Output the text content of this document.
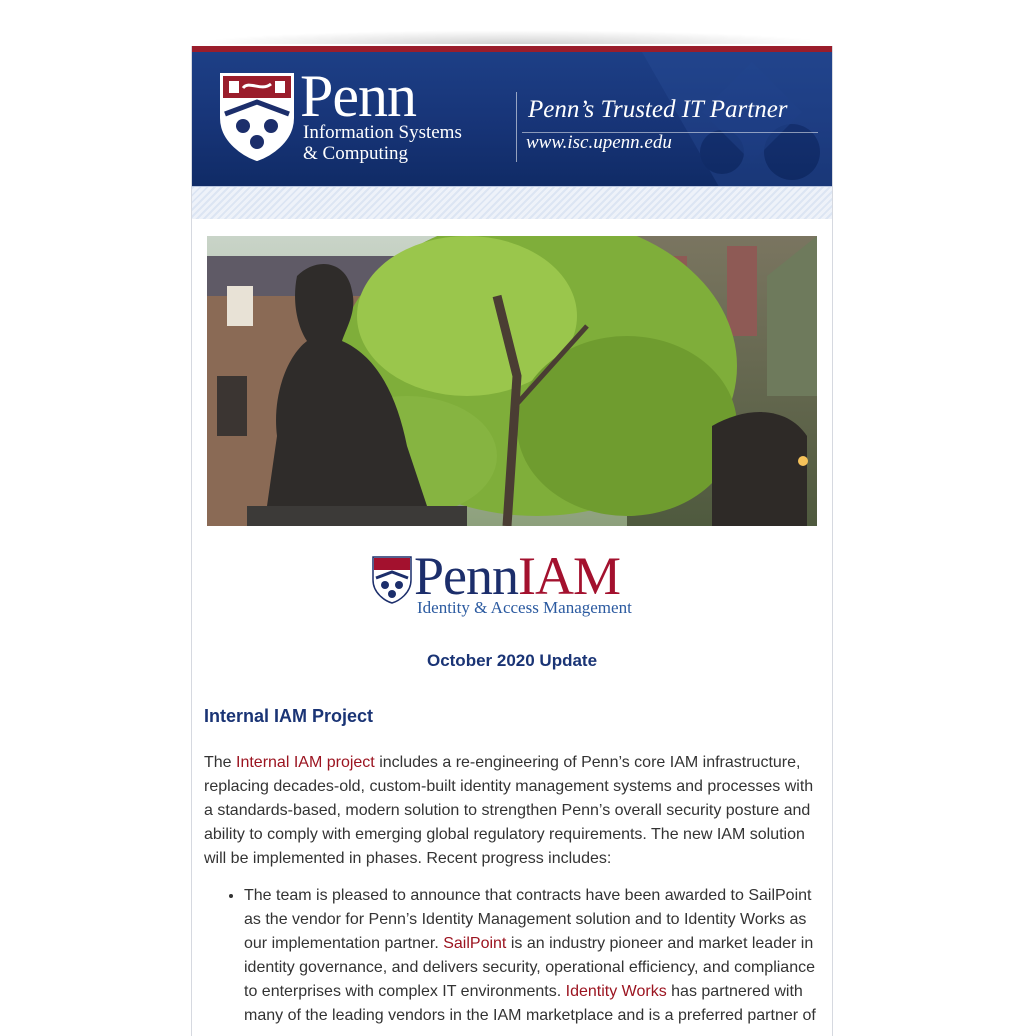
Penn
Information Systems
& Computing
Penn’s Trusted IT Partner
www.isc.upenn.edu
PennIAM
Identity & Access Management
October 2020 Update
Internal IAM Project

The Internal IAM project includes a re-engineering of Penn’s core IAM infrastructure, replacing decades-old, custom-built identity management systems and processes with a standards-based, modern solution to strengthen Penn’s overall security posture and ability to comply with emerging global regulatory requirements. The new IAM solution will be implemented in phases. Recent progress includes:

• The team is pleased to announce that contracts have been awarded to SailPoint as the vendor for Penn’s Identity Management solution and to Identity Works as our implementation partner. SailPoint is an industry pioneer and market leader in identity governance, and delivers security, operational efficiency, and compliance to enterprises with complex IT environments. Identity Works has partnered with many of the leading vendors in the IAM marketplace and is a preferred partner of
